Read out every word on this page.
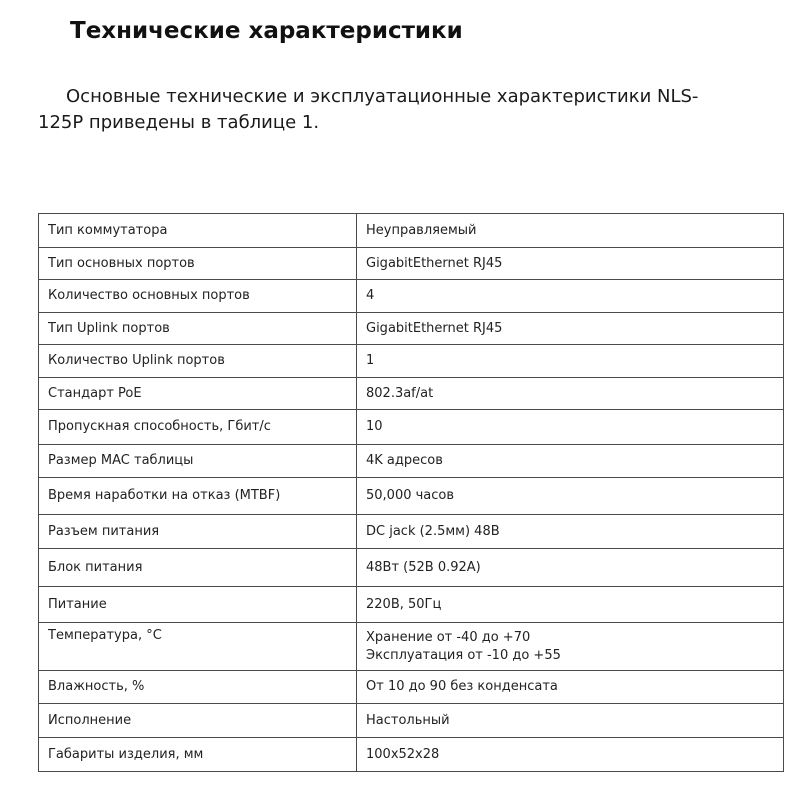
Технические характеристики

Основные технические и эксплуатационные характеристики NLS-125P приведены в таблице 1.

Тип коммутатора	Неуправляемый
Тип основных портов	GigabitEthernet RJ45
Количество основных портов	4
Тип Uplink портов	GigabitEthernet RJ45
Количество Uplink портов	1
Стандарт PoE	802.3af/at
Пропускная способность, Гбит/с	10
Размер MAC таблицы	4K адресов
Время наработки на отказ (MTBF)	50,000 часов
Разъем питания	DC jack (2.5мм) 48В
Блок питания	48Вт (52В 0.92А)
Питание	220В, 50Гц
Температура, °С	Хранение от -40 до +70
Эксплуатация от -10 до +55
Влажность, %	От 10 до 90 без конденсата
Исполнение	Настольный
Габариты изделия, мм	100х52х28
